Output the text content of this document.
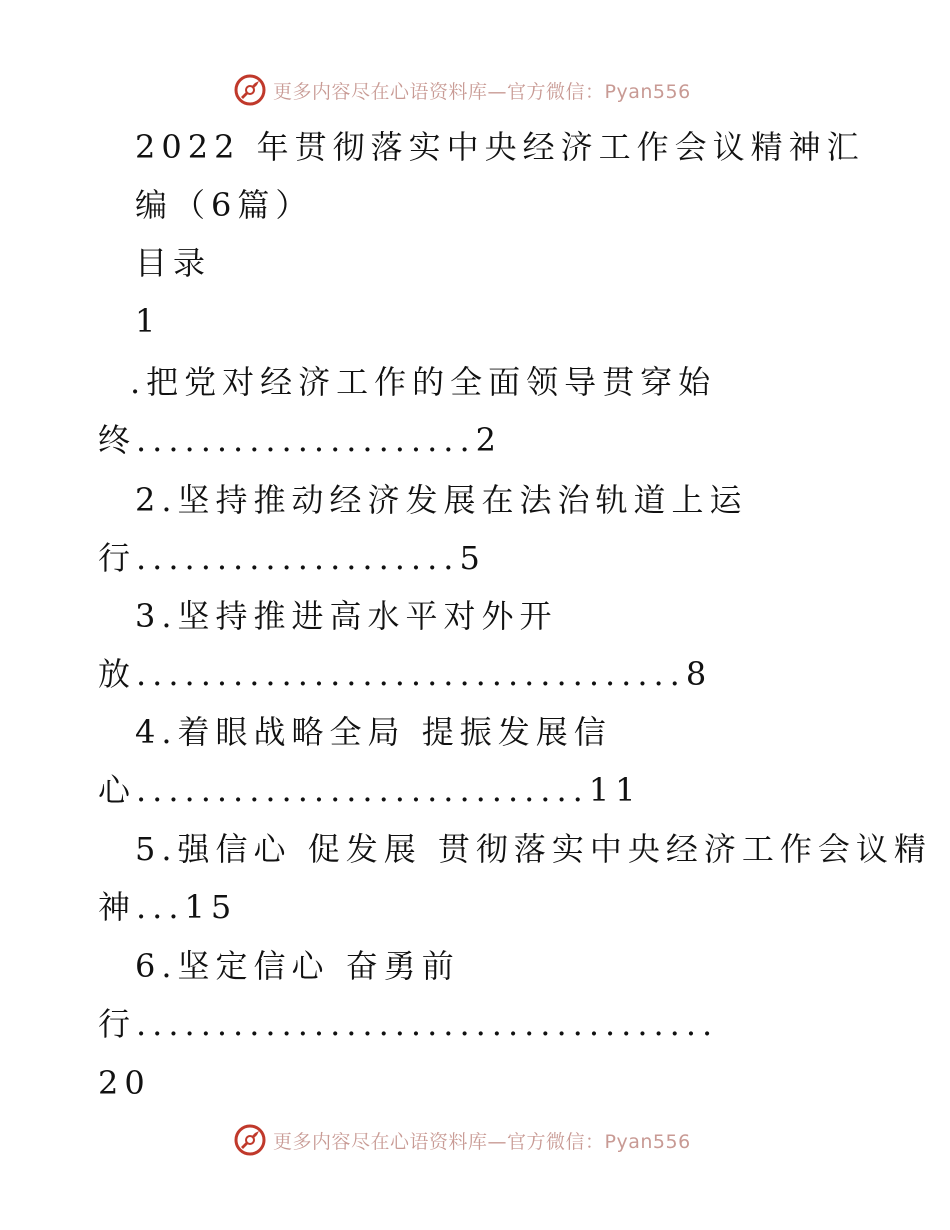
更多内容尽在心语资料库—官方微信：Pyan556
2022 年贯彻落实中央经济工作会议精神汇
编（6篇）
目录
1
.把党对经济工作的全面领导贯穿始
终.....................2
2.坚持推动经济发展在法治轨道上运
行....................5
3.坚持推进高水平对外开
放..................................8
4.着眼战略全局 提振发展信
心............................11
5.强信心 促发展 贯彻落实中央经济工作会议精
神...15
6.坚定信心 奋勇前
行....................................
20
更多内容尽在心语资料库—官方微信：Pyan556
